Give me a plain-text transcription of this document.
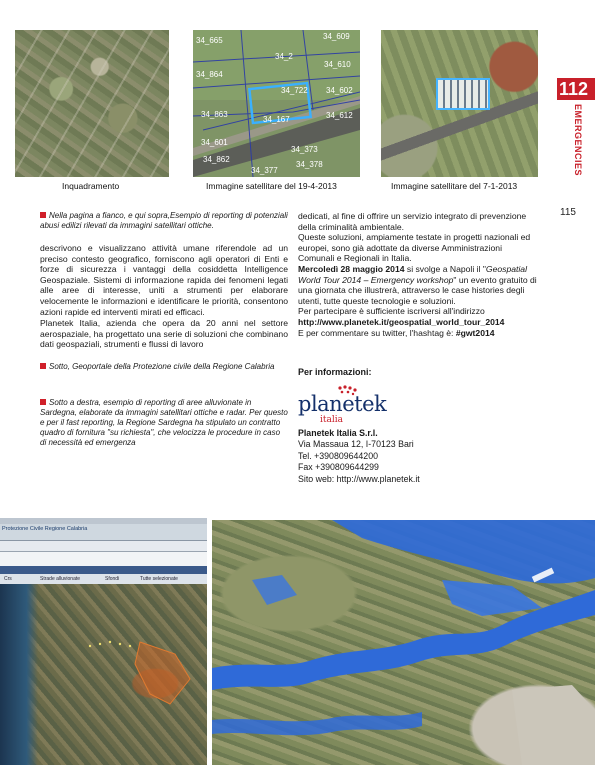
34_665	34_609
34_2
34_610
34_864
34_722 34_602
34_863
34_167	34_612
34_601
34_373
34_862
34_378
34_377
Inquadramento	Immagine satellitare del 19-4-2013	Immagine satellitare del 7-1-2013
112
EMERGENCIES
115
Nella pagina a fianco, e qui sopra,Esempio di reporting di potenziali abusi edilizi rilevati da immagini satellitari ottiche.

descrivono e visualizzano attività umane riferendole ad un preciso contesto geografico, forniscono agli operatori di Enti e forze di sicurezza i vantaggi della cosiddetta Intelligence Geospaziale. Sistemi di informazione rapida dei fenomeni legati alle aree di interesse, uniti a strumenti per elaborare velocemente le informazioni e identificare le priorità, consentono azioni rapide ed interventi mirati ed efficaci.

Planetek Italia, azienda che opera da 20 anni nel settore aerospaziale, ha progettato una serie di soluzioni che combinano dati geospaziali, strumenti e flussi di lavoro

Sotto, Geoportale della Protezione civile della Regione Calabria
Sotto a destra, esempio di reporting di aree alluvionate in Sardegna, elaborate da immagini satellitari ottiche e radar. Per questo e per il fast reporting, la Regione Sardegna ha stipulato un contratto quadro di fornitura "su richiesta", che velocizza le procedure in caso di necessità ed emergenza

dedicati, al fine di offrire un servizio integrato di prevenzione della criminalità ambientale.

Queste soluzioni, ampiamente testate in progetti nazionali ed europei, sono già adottate da diverse Amministrazioni Comunali e Regionali in Italia.

Mercoledì 28 maggio 2014 si svolge a Napoli il "Geospatial World Tour 2014 – Emergency workshop" un evento gratuito di una giornata che illustrerà, attraverso le case histories degli utenti, tutte queste tecnologie e soluzioni.

Per partecipare è sufficiente iscriversi all'indirizzo http://www.planetek.it/geospatial_world_tour_2014

E per commentare su twitter, l'hashtag è: #gwt2014

Per informazioni:
planetek
italia

Planetek Italia S.r.l.

Via Massaua 12, I-70123 Bari

Tel. +390809644200

Fax +390809644299

Sito web: http://www.planetek.it

Protezione Civile Regione Calabria
Crs	Strade alluvionate	Sfondi	Tutte selezionate
